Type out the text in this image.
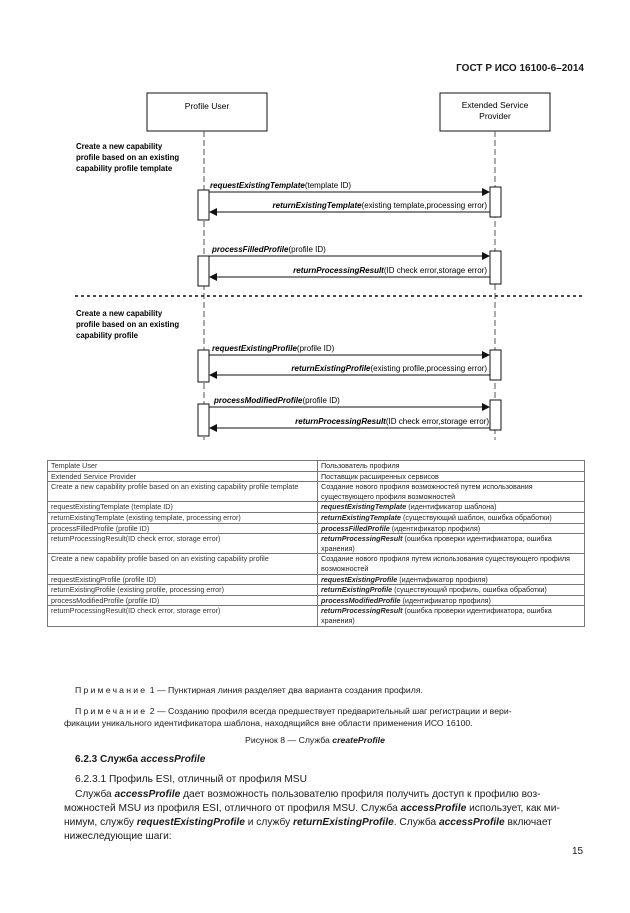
ГОСТ Р ИСО 16100-6–2014
Profile User	Extended Service
Provider
Create a new capability
profile based on an existing
capability profile template
Create a new capability
profile based on an existing
capability profile
requestExistingTemplate(template ID)
returnExistingTemplate(existing template,processing error)
processFilledProfile(profile ID)
returnProcessingResult(ID check error,storage error)
requestExistingProfile(profile ID)
returnExistingProfile(existing profile,processing error)
processModifiedProfile(profile ID)
returnProcessingResult(ID check error,storage error)
Template User	Пользователь профиля
Extended Service Provider	Поставщик расширенных сервисов
Create a new capability profile based on an existing capability profile template	Создание нового профиля возможностей путем использования существующего профиля возможностей
requestExistingTemplate (template ID)	requestExistingTemplate (идентификатор шаблона)
returnExistingTemplate (existing template, processing error)	returnExistingTemplate (существующий шаблон, ошибка обработки)
processFilledProfile (profile ID)	processFilledProfile (идентификатор профиля)
returnProcessingResult(ID check error, storage error)	returnProcessingResult (ошибка проверки идентификатора, ошибка хранения)
Create a new capability profile based on an existing capability profile	Создание нового профиля путем использования существующего профиля возможностей
requestExistingProfile (profile ID)	requestExistingProfile (идентификатор профиля)
returnExistingProfile (existing profile, processing error)	returnExistingProfile (существующий профиль, ошибка обработки)
processModifiedProfile (profile ID)	processModifiedProfile (идентификатор профиля)
returnProcessingResult(ID check error, storage error)	returnProcessingResult (ошибка проверки идентификатора, ошибка хранения)
Примечание 1 — Пунктирная линия разделяет два варианта создания профиля.
Примечание 2 — Созданию профиля всегда предшествует предварительный шаг регистрации и вери-
фикации уникального идентификатора шаблона, находящийся вне области применения ИСО 16100.
Рисунок 8 — Служба createProfile
6.2.3 Служба accessProfile
6.2.3.1 Профиль ESI, отличный от профиля MSU
Служба accessProfile дает возможность пользователю профиля получить доступ к профилю воз-
можностей MSU из профиля ESI, отличного от профиля MSU. Служба accessProfile использует, как ми-
нимум, службу requestExistingProfile и службу returnExistingProfile. Служба accessProfile включает
нижеследующие шаги:
15
